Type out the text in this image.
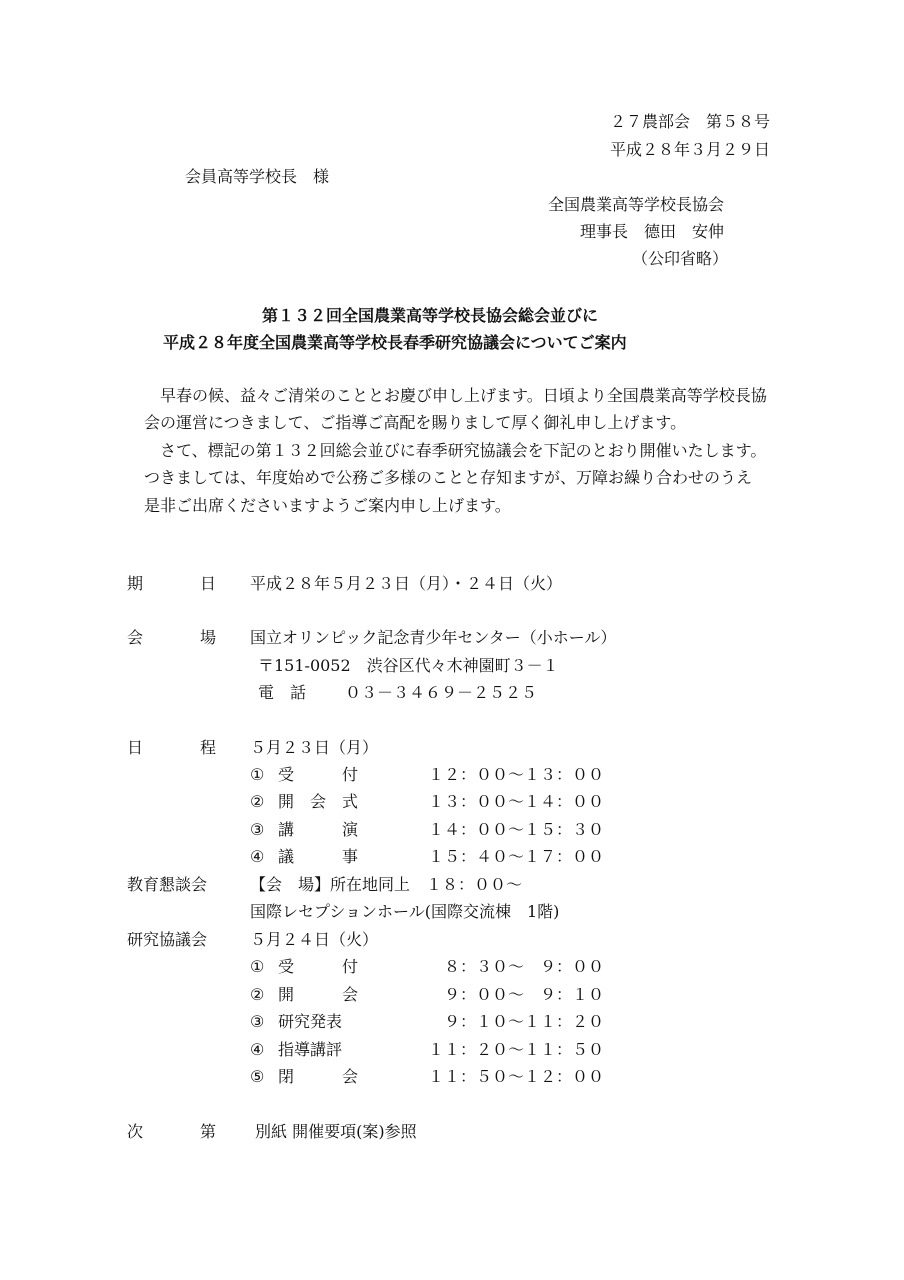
２７農部会　第５８号
平成２８年３月２９日
会員高等学校長　様
全国農業高等学校長協会
理事長　德田　安伸
（公印省略）
第１３２回全国農業高等学校長協会総会並びに
平成２８年度全国農業高等学校長春季研究協議会についてご案内
早春の候、益々ご清栄のこととお慶び申し上げます。日頃より全国農業高等学校長協
会の運営につきまして、ご指導ご高配を賜りまして厚く御礼申し上げます。
さて、標記の第１３２回総会並びに春季研究協議会を下記のとおり開催いたします。
つきましては、年度始めで公務ご多様のことと存知ますが、万障お繰り合わせのうえ
是非ご出席くださいますようご案内申し上げます。
期	日 平成２８年５月２３日（月）・２４日（火）
会	場 国立オリンピック記念青少年センター（小ホール）
〒151-0052　渋谷区代々木神園町３－１
電　話 ０３－３４６９－２５２５
日	程 ５月２３日（月）
① 受　　　付	１２：００～１３：００
② 開　会　式	１３：００～１４：００
③ 講　　　演	１４：００～１５：３０
④ 議　　　事	１５：４０～１７：００
教育懇談会	【会　場】所在地同上　１８：００～
国際レセプションホール(国際交流棟　1階)
研究協議会	５月２４日（火）
① 受　　　付	　８：３０～　９：００
② 開　　　会	　９：００～　９：１０
③ 研究発表	　９：１０～１１：２０
④ 指導講評	１１：２０～１１：５０
⑤ 閉　　　会	１１：５０～１２：００
次	第 別紙 開催要項(案)参照
